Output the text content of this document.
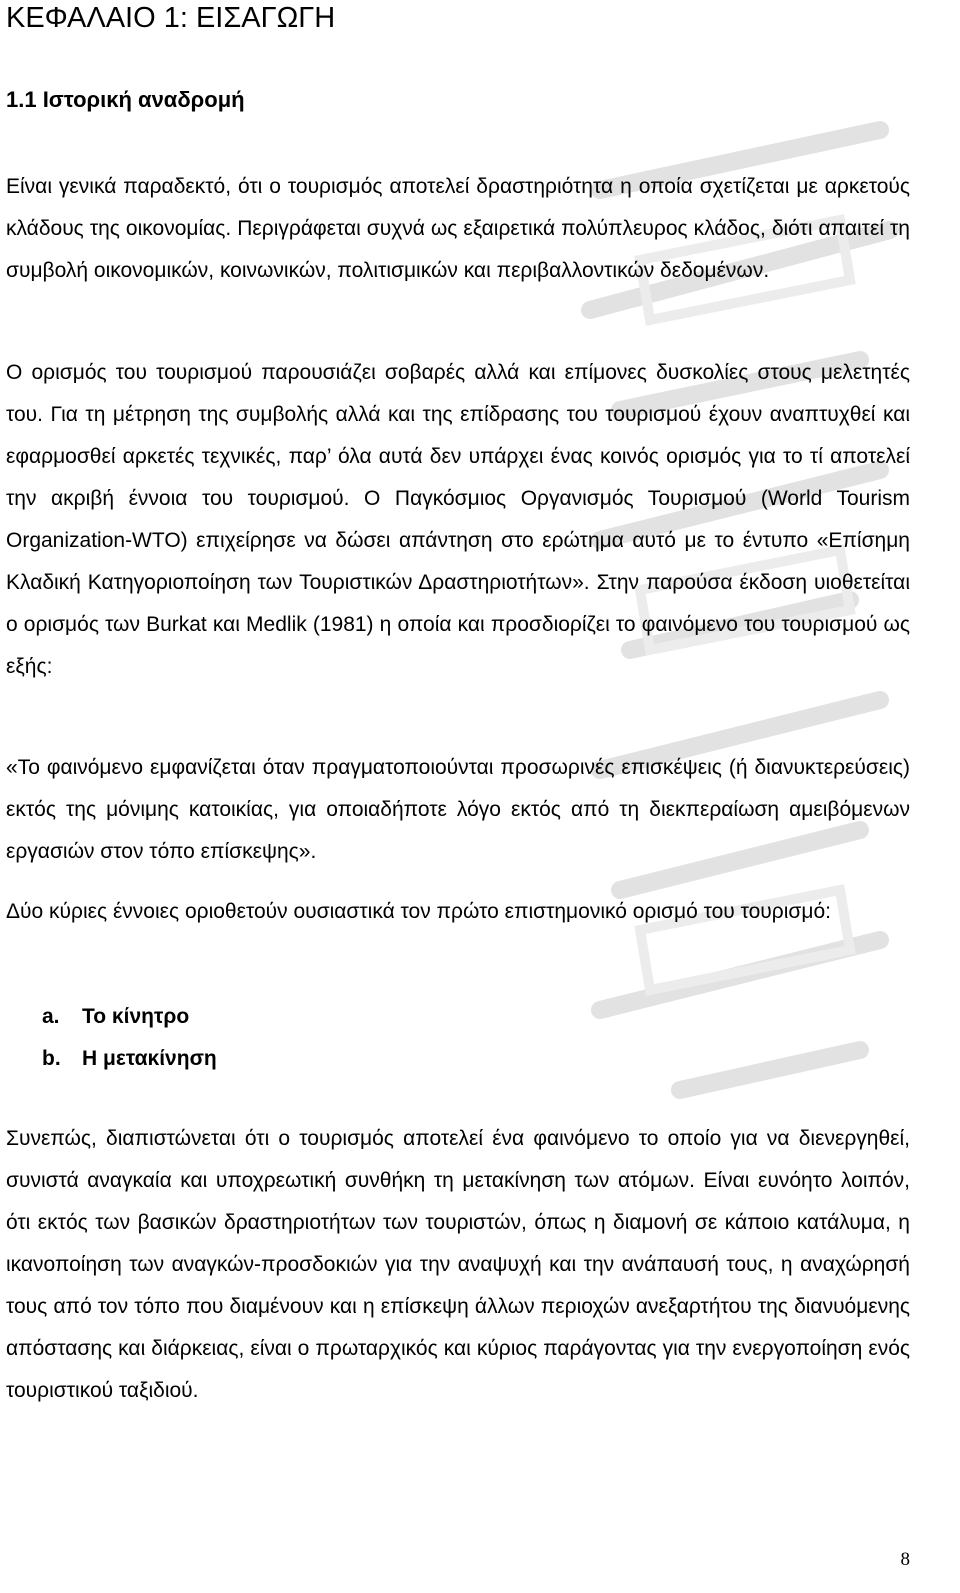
ΚΕΦΑΛΑΙΟ 1: ΕΙΣΑΓΩΓΗ
1.1 Ιστορική αναδρομή

Είναι γενικά παραδεκτό, ότι ο τουρισμός αποτελεί δραστηριότητα η οποία σχετίζεται με αρκετούς κλάδους της οικονομίας. Περιγράφεται συχνά ως εξαιρετικά πολύπλευρος κλάδος, διότι απαιτεί τη συμβολή οικονομικών, κοινωνικών, πολιτισμικών και περιβαλλοντικών δεδομένων.

Ο ορισμός του τουρισμού παρουσιάζει σοβαρές αλλά και επίμονες δυσκολίες στους μελετητές του. Για τη μέτρηση της συμβολής αλλά και της επίδρασης του τουρισμού έχουν αναπτυχθεί και εφαρμοσθεί αρκετές τεχνικές, παρ’ όλα αυτά δεν υπάρχει ένας κοινός ορισμός για το τί αποτελεί την ακριβή έννοια του τουρισμού. Ο Παγκόσμιος Οργανισμός Τουρισμού (World Tourism Organization-WTO) επιχείρησε να δώσει απάντηση στο ερώτημα αυτό με το έντυπο «Επίσημη Κλαδική Κατηγοριοποίηση των Τουριστικών Δραστηριοτήτων». Στην παρούσα έκδοση υιοθετείται ο ορισμός των Burkat και Medlik (1981) η οποία και προσδιορίζει το φαινόμενο του τουρισμού ως εξής:

«Το φαινόμενο εμφανίζεται όταν πραγματοποιούνται προσωρινές επισκέψεις (ή διανυκτερεύσεις) εκτός της μόνιμης κατοικίας, για οποιαδήποτε λόγο εκτός από τη διεκπεραίωση αμειβόμενων εργασιών στον τόπο επίσκεψης».

Δύο κύριες έννοιες οριοθετούν ουσιαστικά τον πρώτο επιστημονικό ορισμό του τουρισμό:

a. Το κίνητρο
b. Η μετακίνηση

Συνεπώς, διαπιστώνεται ότι ο τουρισμός αποτελεί ένα φαινόμενο το οποίο για να διενεργηθεί, συνιστά αναγκαία και υποχρεωτική συνθήκη τη μετακίνηση των ατόμων. Είναι ευνόητο λοιπόν, ότι εκτός των βασικών δραστηριοτήτων των τουριστών, όπως η διαμονή σε κάποιο κατάλυμα, η ικανοποίηση των αναγκών-προσδοκιών για την αναψυχή και την ανάπαυσή τους, η αναχώρησή τους από τον τόπο που διαμένουν και η επίσκεψη άλλων περιοχών ανεξαρτήτου της διανυόμενης απόστασης και διάρκειας, είναι ο πρωταρχικός και κύριος παράγοντας για την ενεργοποίηση ενός τουριστικού ταξιδιού.

8
